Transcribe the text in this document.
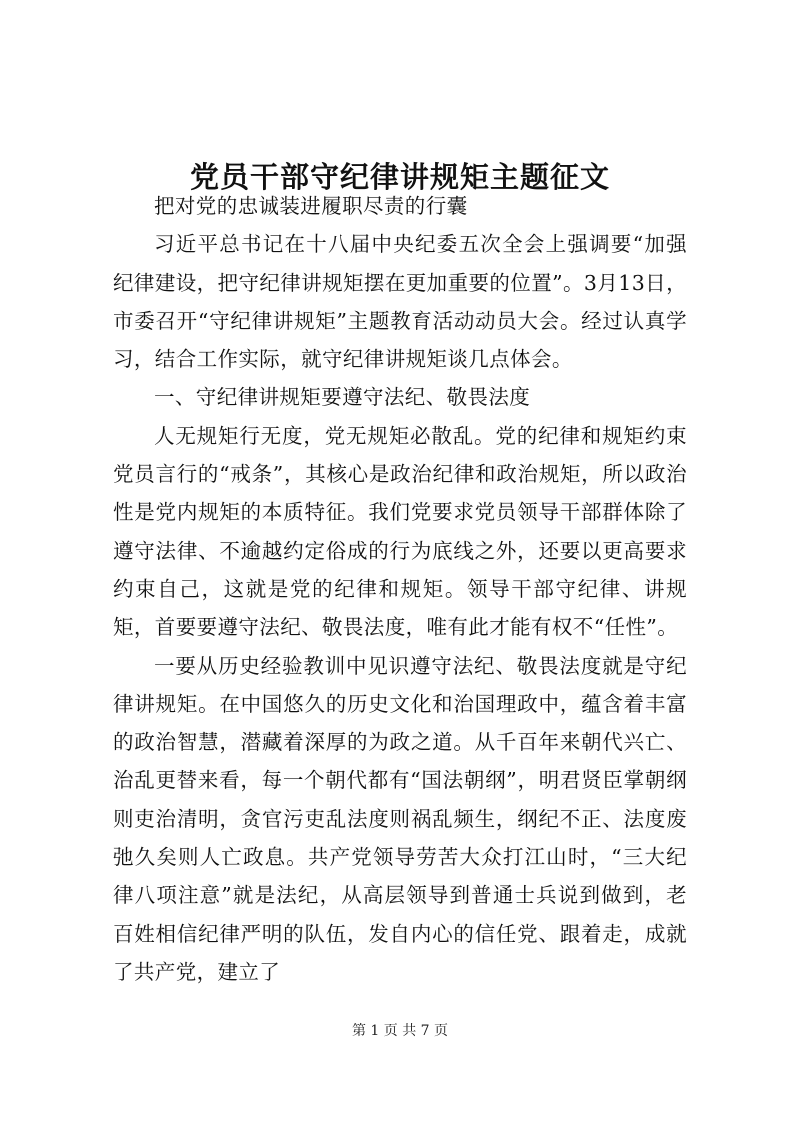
党员干部守纪律讲规矩主题征文

把对党的忠诚装进履职尽责的行囊

习近平总书记在十八届中央纪委五次全会上强调要“加强纪律建设，把守纪律讲规矩摆在更加重要的位置”。3月13日，市委召开“守纪律讲规矩”主题教育活动动员大会。经过认真学习，结合工作实际，就守纪律讲规矩谈几点体会。

一、守纪律讲规矩要遵守法纪、敬畏法度

人无规矩行无度，党无规矩必散乱。党的纪律和规矩约束党员言行的“戒条”，其核心是政治纪律和政治规矩，所以政治性是党内规矩的本质特征。我们党要求党员领导干部群体除了遵守法律、不逾越约定俗成的行为底线之外，还要以更高要求约束自己，这就是党的纪律和规矩。领导干部守纪律、讲规矩，首要要遵守法纪、敬畏法度，唯有此才能有权不“任性”。

一要从历史经验教训中见识遵守法纪、敬畏法度就是守纪律讲规矩。在中国悠久的历史文化和治国理政中，蕴含着丰富的政治智慧，潜藏着深厚的为政之道。从千百年来朝代兴亡、治乱更替来看，每一个朝代都有“国法朝纲”，明君贤臣掌朝纲则吏治清明，贪官污吏乱法度则祸乱频生，纲纪不正、法度废弛久矣则人亡政息。共产党领导劳苦大众打江山时，“三大纪律八项注意”就是法纪，从高层领导到普通士兵说到做到，老百姓相信纪律严明的队伍，发自内心的信任党、跟着走，成就了共产党，建立了

第 1 页 共 7 页
